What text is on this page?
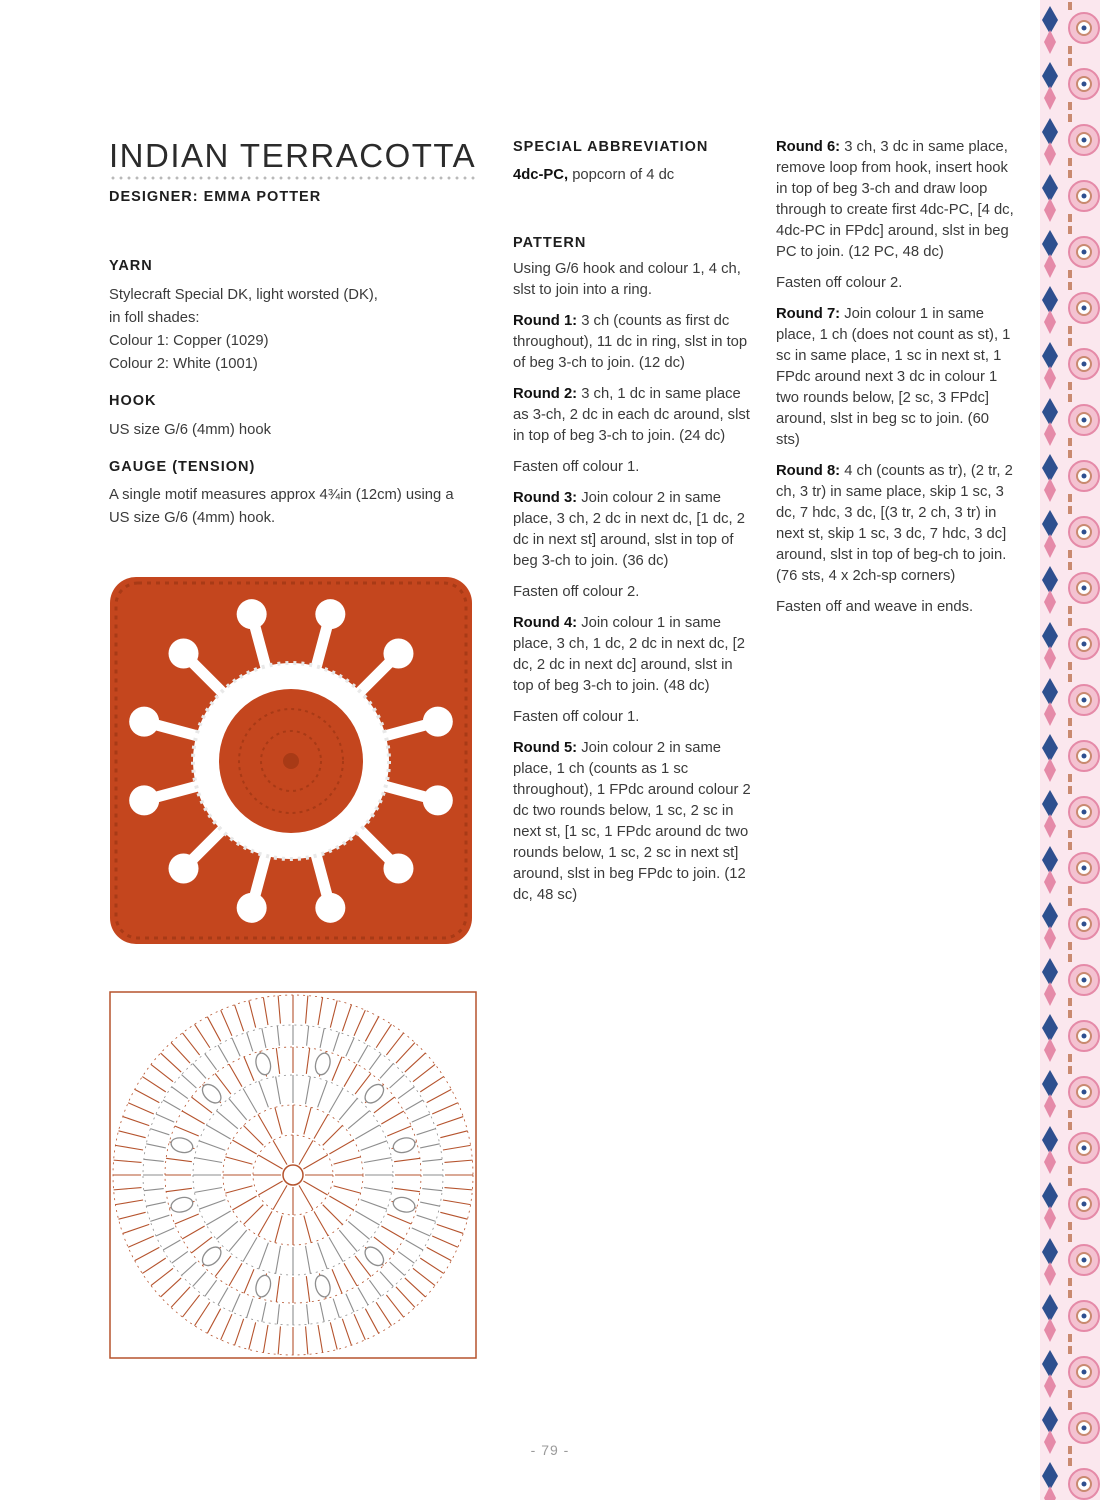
INDIAN TERRACOTTA
DESIGNER: EMMA POTTER
YARN
Stylecraft Special DK, light worsted (DK),
in foll shades:
Colour 1: Copper (1029)
Colour 2: White (1001)
HOOK
US size G/6 (4mm) hook
GAUGE (TENSION)
A single motif measures approx 4¾in (12cm) using a
US size G/6 (4mm) hook.
SPECIAL ABBREVIATION
4dc-PC, popcorn of 4 dc
PATTERN

Using G/6 hook and colour 1, 4 ch, slst to join into a ring.

Round 1: 3 ch (counts as first dc throughout), 11 dc in ring, slst in top of beg 3-ch to join. (12 dc)

Round 2: 3 ch, 1 dc in same place as 3-ch, 2 dc in each dc around, slst in top of beg 3-ch to join. (24 dc)

Fasten off colour 1.

Round 3: Join colour 2 in same place, 3 ch, 2 dc in next dc, [1 dc, 2 dc in next st] around, slst in top of beg 3-ch to join. (36 dc)

Fasten off colour 2.

Round 4: Join colour 1 in same place, 3 ch, 1 dc, 2 dc in next dc, [2 dc, 2 dc in next dc] around, slst in top of beg 3-ch to join. (48 dc)

Fasten off colour 1.

Round 5: Join colour 2 in same place, 1 ch (counts as 1 sc throughout), 1 FPdc around colour 2 dc two rounds below, 1 sc, 2 sc in next st, [1 sc, 1 FPdc around dc two rounds below, 1 sc, 2 sc in next st] around, slst in beg FPdc to join. (12 dc, 48 sc)

Round 6: 3 ch, 3 dc in same place, remove loop from hook, insert hook in top of beg 3-ch and draw loop through to create first 4dc-PC, [4 dc, 4dc-PC in FPdc] around, slst in beg PC to join. (12 PC, 48 dc)

Fasten off colour 2.

Round 7: Join colour 1 in same place, 1 ch (does not count as st), 1 sc in same place, 1 sc in next st, 1 FPdc around next 3 dc in colour 1 two rounds below, [2 sc, 3 FPdc] around, slst in beg sc to join. (60 sts)

Round 8: 4 ch (counts as tr), (2 tr, 2 ch, 3 tr) in same place, skip 1 sc, 3 dc, 7 hdc, 3 dc, [(3 tr, 2 ch, 3 tr) in next st, skip 1 sc, 3 dc, 7 hdc, 3 dc] around, slst in top of beg-ch to join. (76 sts, 4 x 2ch-sp corners)

Fasten off and weave in ends.

- 79 -
